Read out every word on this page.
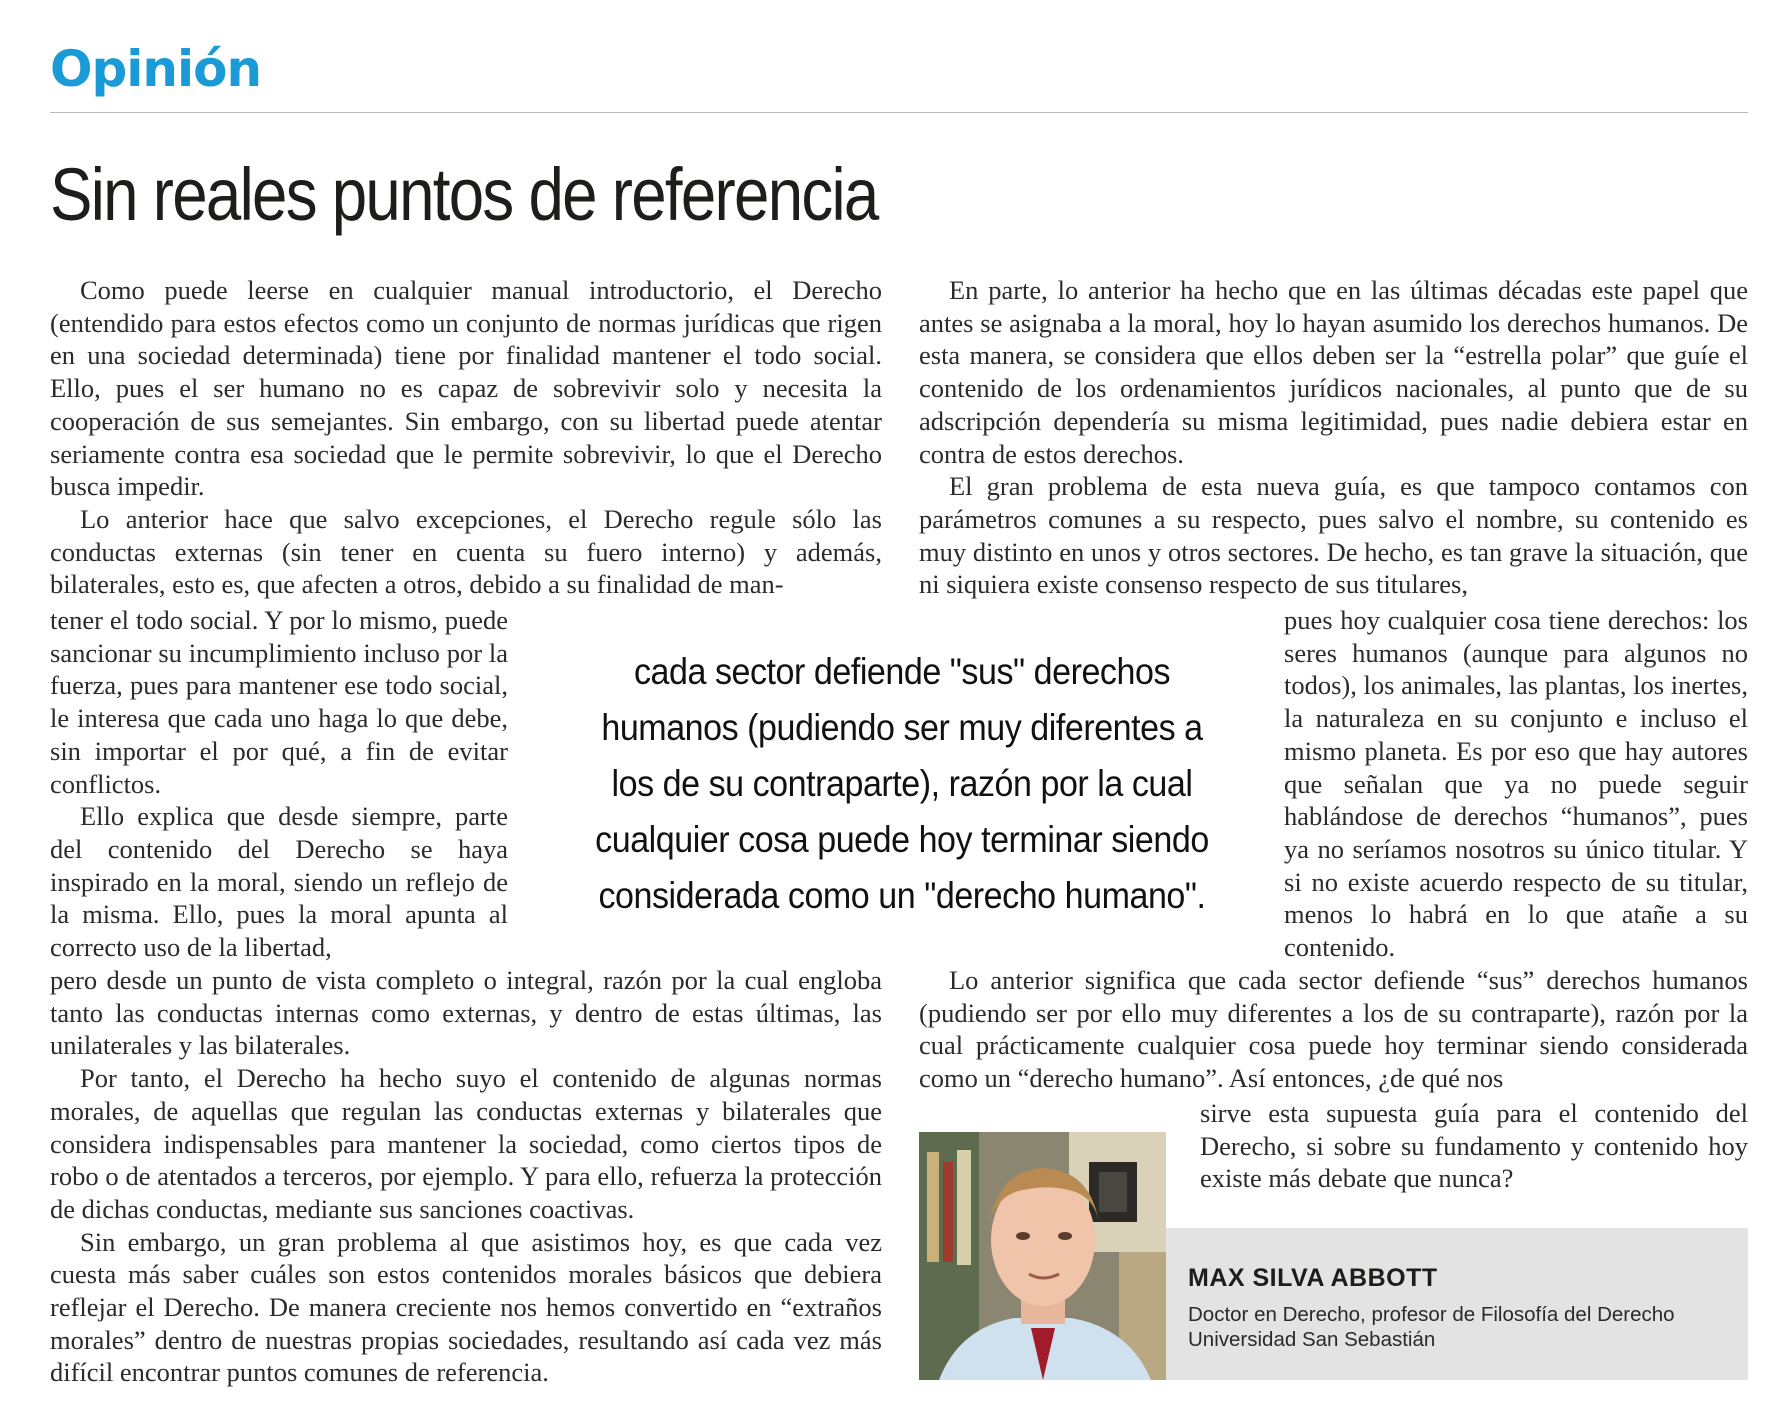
Opinión
Sin reales puntos de referencia

Como puede leerse en cualquier manual introductorio, el Derecho (entendido para estos efectos como un conjunto de normas jurídicas que rigen en una sociedad determinada) tiene por finalidad mantener el todo social. Ello, pues el ser humano no es capaz de sobrevivir solo y necesita la cooperación de sus semejantes. Sin embargo, con su libertad puede atentar seriamente contra esa sociedad que le permite sobrevivir, lo que el Derecho busca impedir.

Lo anterior hace que salvo excepciones, el Derecho regule sólo las conductas externas (sin tener en cuenta su fuero interno) y además, bilaterales, esto es, que afecten a otros, debido a su finalidad de man-

tener el todo social. Y por lo mismo, puede sancionar su incumplimiento incluso por la fuerza, pues para mantener ese todo social, le interesa que cada uno haga lo que debe, sin importar el por qué, a fin de evitar conflictos.

Ello explica que desde siempre, parte del contenido del Derecho se haya inspirado en la moral, siendo un reflejo de la misma. Ello, pues la moral apunta al correcto uso de la libertad,

pero desde un punto de vista completo o integral, razón por la cual engloba tanto las conductas internas como externas, y dentro de estas últimas, las unilaterales y las bilaterales.

Por tanto, el Derecho ha hecho suyo el contenido de algunas normas morales, de aquellas que regulan las conductas externas y bilaterales que considera indispensables para mantener la sociedad, como ciertos tipos de robo o de atentados a terceros, por ejemplo. Y para ello, refuerza la protección de dichas conductas, mediante sus sanciones coactivas.

Sin embargo, un gran problema al que asistimos hoy, es que cada vez cuesta más saber cuáles son estos contenidos morales básicos que debiera reflejar el Derecho. De manera creciente nos hemos convertido en “extraños morales” dentro de nuestras propias sociedades, resultando así cada vez más difícil encontrar puntos comunes de referencia.

En parte, lo anterior ha hecho que en las últimas décadas este papel que antes se asignaba a la moral, hoy lo hayan asumido los derechos humanos. De esta manera, se considera que ellos deben ser la “estrella polar” que guíe el contenido de los ordenamientos jurídicos nacionales, al punto que de su adscripción dependería su misma legitimidad, pues nadie debiera estar en contra de estos derechos.

El gran problema de esta nueva guía, es que tampoco contamos con parámetros comunes a su respecto, pues salvo el nombre, su contenido es muy distinto en unos y otros sectores. De hecho, es tan grave la situación, que ni siquiera existe consenso respecto de sus titulares,

pues hoy cualquier cosa tiene derechos: los seres humanos (aunque para algunos no todos), los animales, las plantas, los inertes, la naturaleza en su conjunto e incluso el mismo planeta. Es por eso que hay autores que señalan que ya no puede seguir hablándose de derechos “humanos”, pues ya no seríamos nosotros su único titular. Y si no existe acuerdo respecto de su titular, menos lo habrá en lo que atañe a su contenido.

Lo anterior significa que cada sector defiende “sus” derechos humanos (pudiendo ser por ello muy diferentes a los de su contraparte), razón por la cual prácticamente cualquier cosa puede hoy terminar siendo considerada como un “derecho humano”. Así entonces, ¿de qué nos

sirve esta supuesta guía para el contenido del Derecho, si sobre su fundamento y contenido hoy existe más debate que nunca?

cada sector defiende "sus" derechos humanos (pudiendo ser muy diferentes a los de su contraparte), razón por la cual cualquier cosa puede hoy terminar siendo considerada como un "derecho humano".
MAX SILVA ABBOTT
Doctor en Derecho, profesor de Filosofía del Derecho
Universidad San Sebastián
